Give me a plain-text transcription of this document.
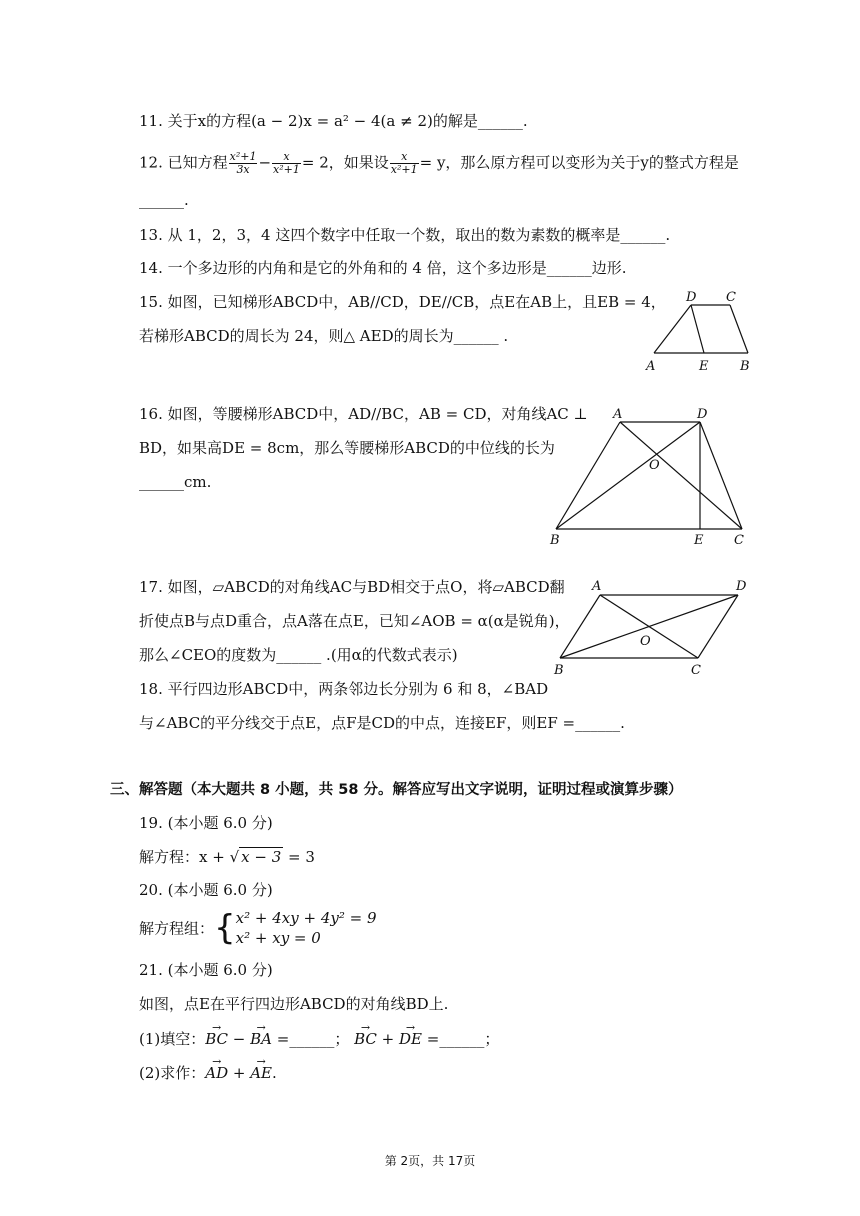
11. 关于x的方程(a − 2)x = a² − 4(a ≠ 2)的解是______.
12. 已知方程 $\frac{\text{x²+1}}{3x} - \frac{x}{\text{x²+1}} = 2$，如果设 $\frac{x}{\text{x²+1}} = y$，那么原方程可以变形为关于y的整式方程是
______.
13. 从 1，2，3，4 这四个数字中任取一个数，取出的数为素数的概率是______.
14. 一个多边形的内角和是它的外角和的 4 倍，这个多边形是______边形.
15. 如图，已知梯形ABCD中，AB//CD，DE//CB，点E在AB上，且EB = 4，
若梯形ABCD的周长为 24，则△ AED的周长为______ .
D C
A	E B
16. 如图，等腰梯形ABCD中，AD//BC，AB = CD，对角线AC ⊥
BD，如果高DE = 8cm，那么等腰梯形ABCD的中位线的长为
______cm.
A	D
O
B	E C
17. 如图，▱ABCD的对角线AC与BD相交于点O，将▱ABCD翻
折使点B与点D重合，点A落在点E，已知∠AOB = α(α是锐角)，
那么∠CEO的度数为______ .(用α的代数式表示)
A	D
O
B	C
18. 平行四边形ABCD中，两条邻边长分别为 6 和 8，∠BAD
与∠ABC的平分线交于点E，点F是CD的中点，连接EF，则EF =______.
三、解答题（本大题共 8 小题，共 58 分。解答应写出文字说明，证明过程或演算步骤）
19. (本小题 6.0 分)
解方程：x + √ x − 3 = 3
20. (本小题 6.0 分)
解方程组：{ x² + 4xy + 4y² = 9
x² + xy = 0
21. (本小题 6.0 分)
如图，点E在平行四边形ABCD的对角线BD上.
(1)填空：→ BC − → BA =______； → BC + → DE =______；
(2)求作：→ AD + → AE.
第 2页，共 17页
